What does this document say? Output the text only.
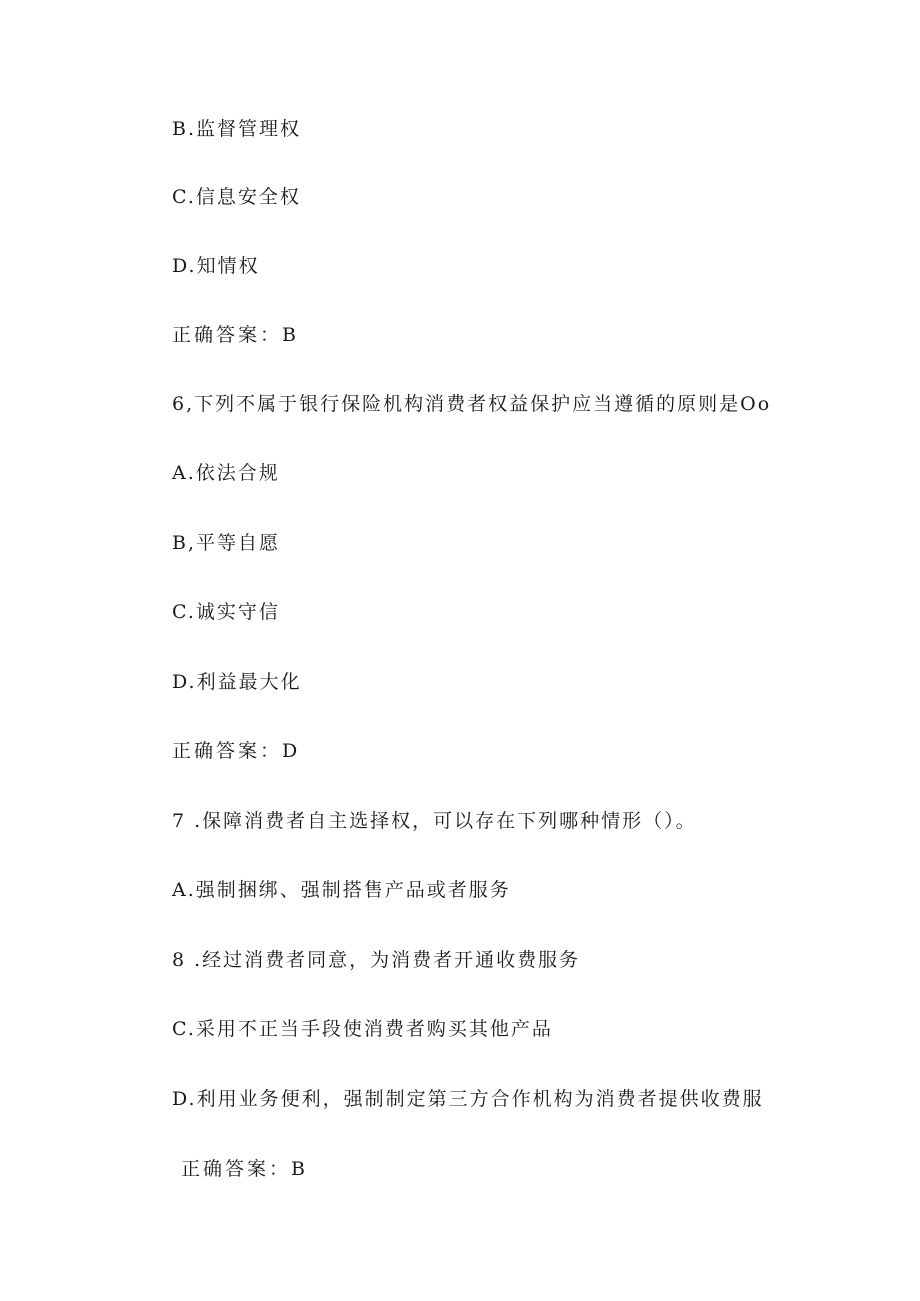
B.监督管理权
C.信息安全权
D.知情权
正确答案：B
6,下列不属于银行保险机构消费者权益保护应当遵循的原则是Oo
A.依法合规
B,平等自愿
C.诚实守信
D.利益最大化
正确答案：D
7 .保障消费者自主选择权，可以存在下列哪种情形（）。
A.强制捆绑、强制搭售产品或者服务
8 .经过消费者同意，为消费者开通收费服务
C.采用不正当手段使消费者购买其他产品
D.利用业务便利，强制制定第三方合作机构为消费者提供收费服
正确答案：B
